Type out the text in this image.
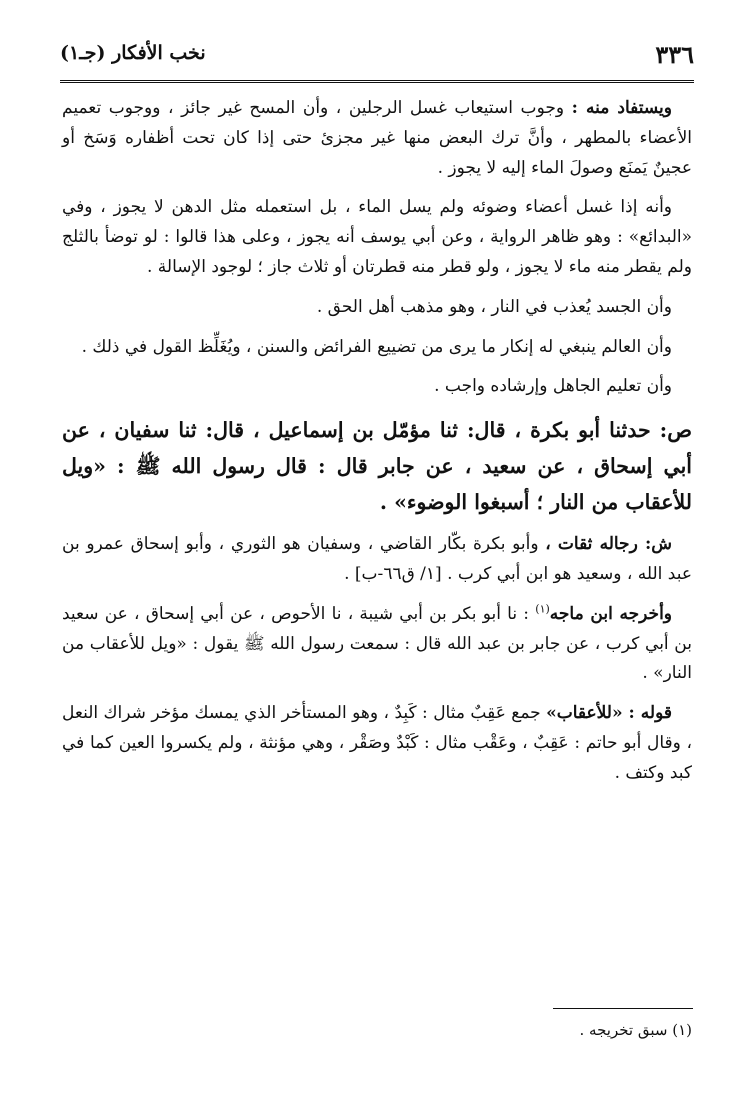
٣٣٦
نخب الأفكار (جـ١)

ويستفاد منه : وجوب استيعاب غسل الرجلين ، وأن المسح غير جائز ، ووجوب تعميم الأعضاء بالمطهر ، وأنَّ ترك البعض منها غير مجزئ حتى إذا كان تحت أظفاره وَسَخ أو عجينٌ يَمنَع وصولَ الماء إليه لا يجوز .

وأنه إذا غسل أعضاء وضوئه ولم يسل الماء ، بل استعمله مثل الدهن لا يجوز ، وفي «البدائع» : وهو ظاهر الرواية ، وعن أبي يوسف أنه يجوز ، وعلى هذا قالوا : لو توضأ بالثلج ولم يقطر منه ماء لا يجوز ، ولو قطر منه قطرتان أو ثلاث جاز ؛ لوجود الإسالة .

وأن الجسد يُعذب في النار ، وهو مذهب أهل الحق .

وأن العالم ينبغي له إنكار ما يرى من تضييع الفرائض والسنن ، ويُغَلِّظ القول في ذلك .

وأن تعليم الجاهل وإرشاده واجب .

ص: حدثنا أبو بكرة ، قال: ثنا مؤمّل بن إسماعيل ، قال: ثنا سفيان ، عن أبي إسحاق ، عن سعيد ، عن جابر قال : قال رسول الله ﷺ : «ويل للأعقاب من النار ؛ أسبغوا الوضوء» .

ش: رجاله ثقات ، وأبو بكرة بكّار القاضي ، وسفيان هو الثوري ، وأبو إسحاق عمرو بن عبد الله ، وسعيد هو ابن أبي كرب . [١/ ق٦٦-ب] .

وأخرجه ابن ماجه$^{(١)}$ : نا أبو بكر بن أبي شيبة ، نا الأحوص ، عن أبي إسحاق ، عن سعيد بن أبي كرب ، عن جابر بن عبد الله قال : سمعت رسول الله ﷺ يقول : «ويل للأعقاب من النار» .

قوله : «للأعقاب» جمع عَقِبٌ مثال : كَبِدٌ ، وهو المستأخر الذي يمسك مؤخر شراك النعل ، وقال أبو حاتم : عَقِبٌ ، وعَقْب مثال : كَبْدٌ وصَقْر ، وهي مؤنثة ، ولم يكسروا العين كما في كبد وكتف .

(١) سبق تخريجه .
